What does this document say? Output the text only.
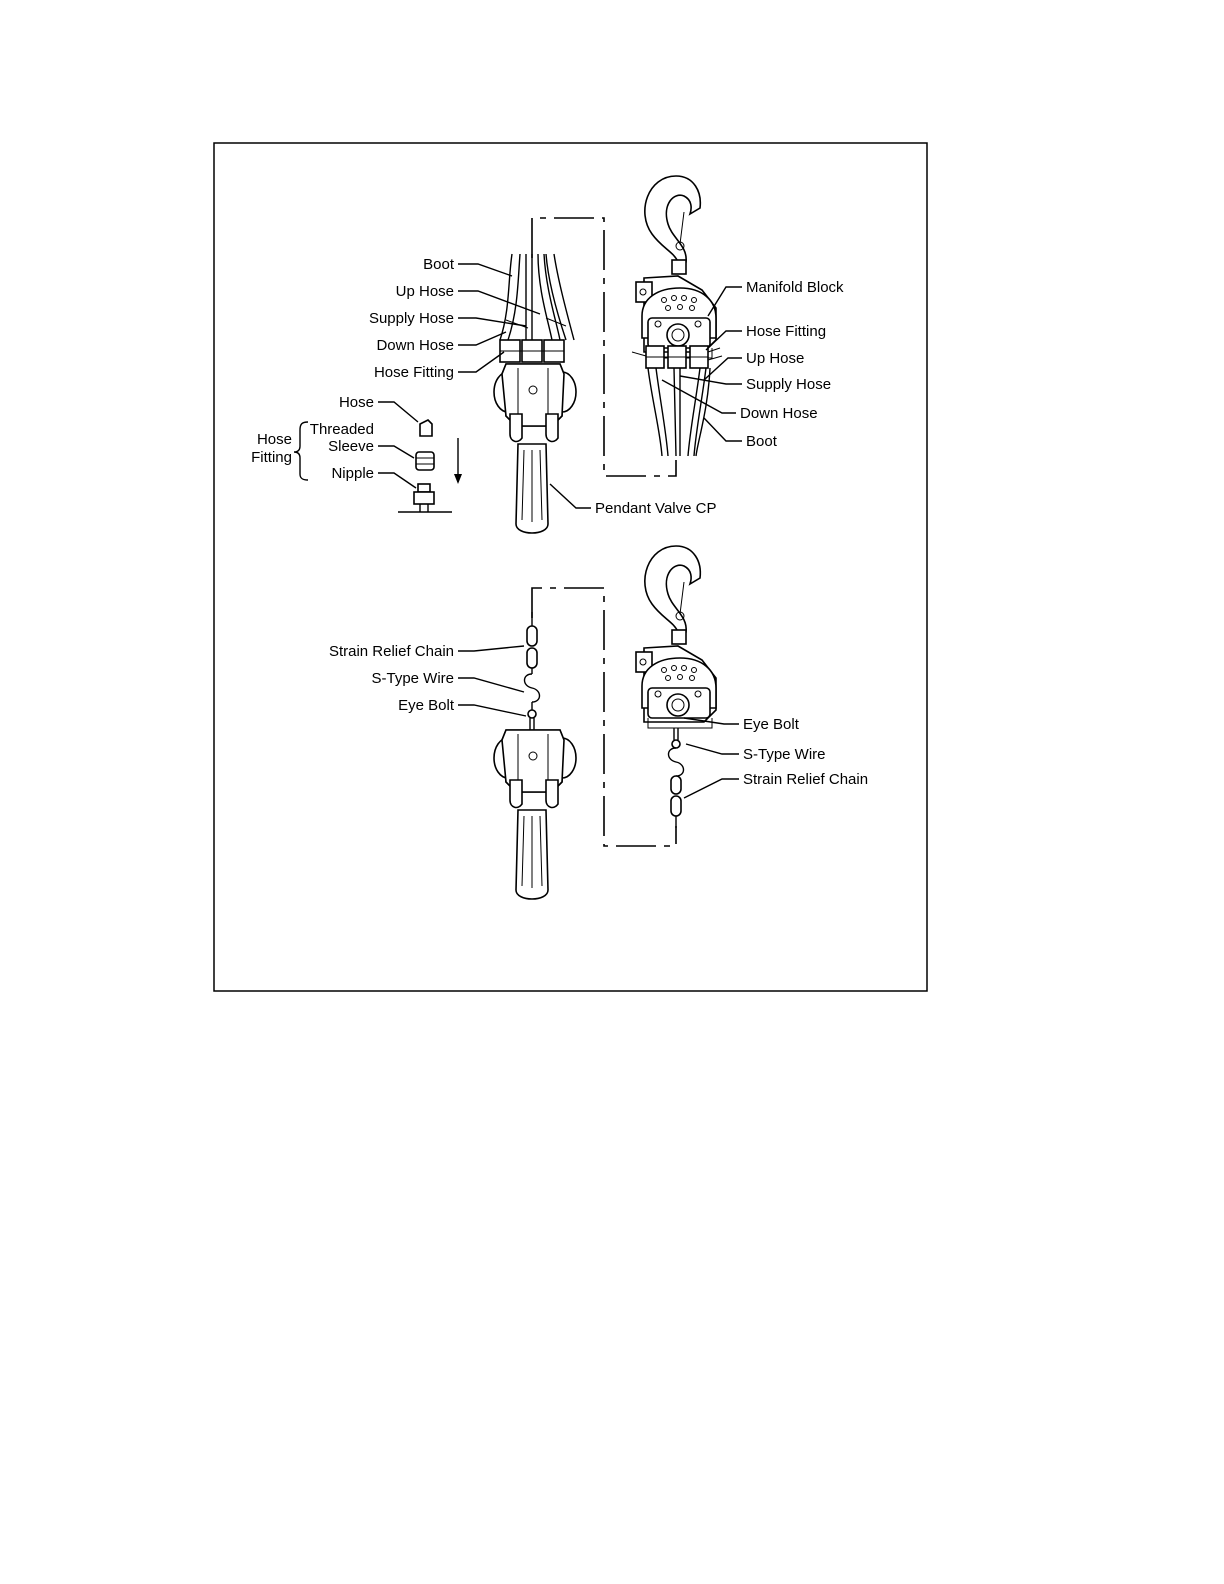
Boot
Up Hose
Supply Hose
Down Hose
Hose Fitting
Manifold Block
Hose Fitting
Up Hose
Supply Hose
Down Hose
Boot
Hose
Hose
Fitting
Threaded
Sleeve
Nipple
Pendant Valve CP
Strain Relief Chain
S-Type Wire
Eye Bolt
Eye Bolt
S-Type Wire
Strain Relief Chain
